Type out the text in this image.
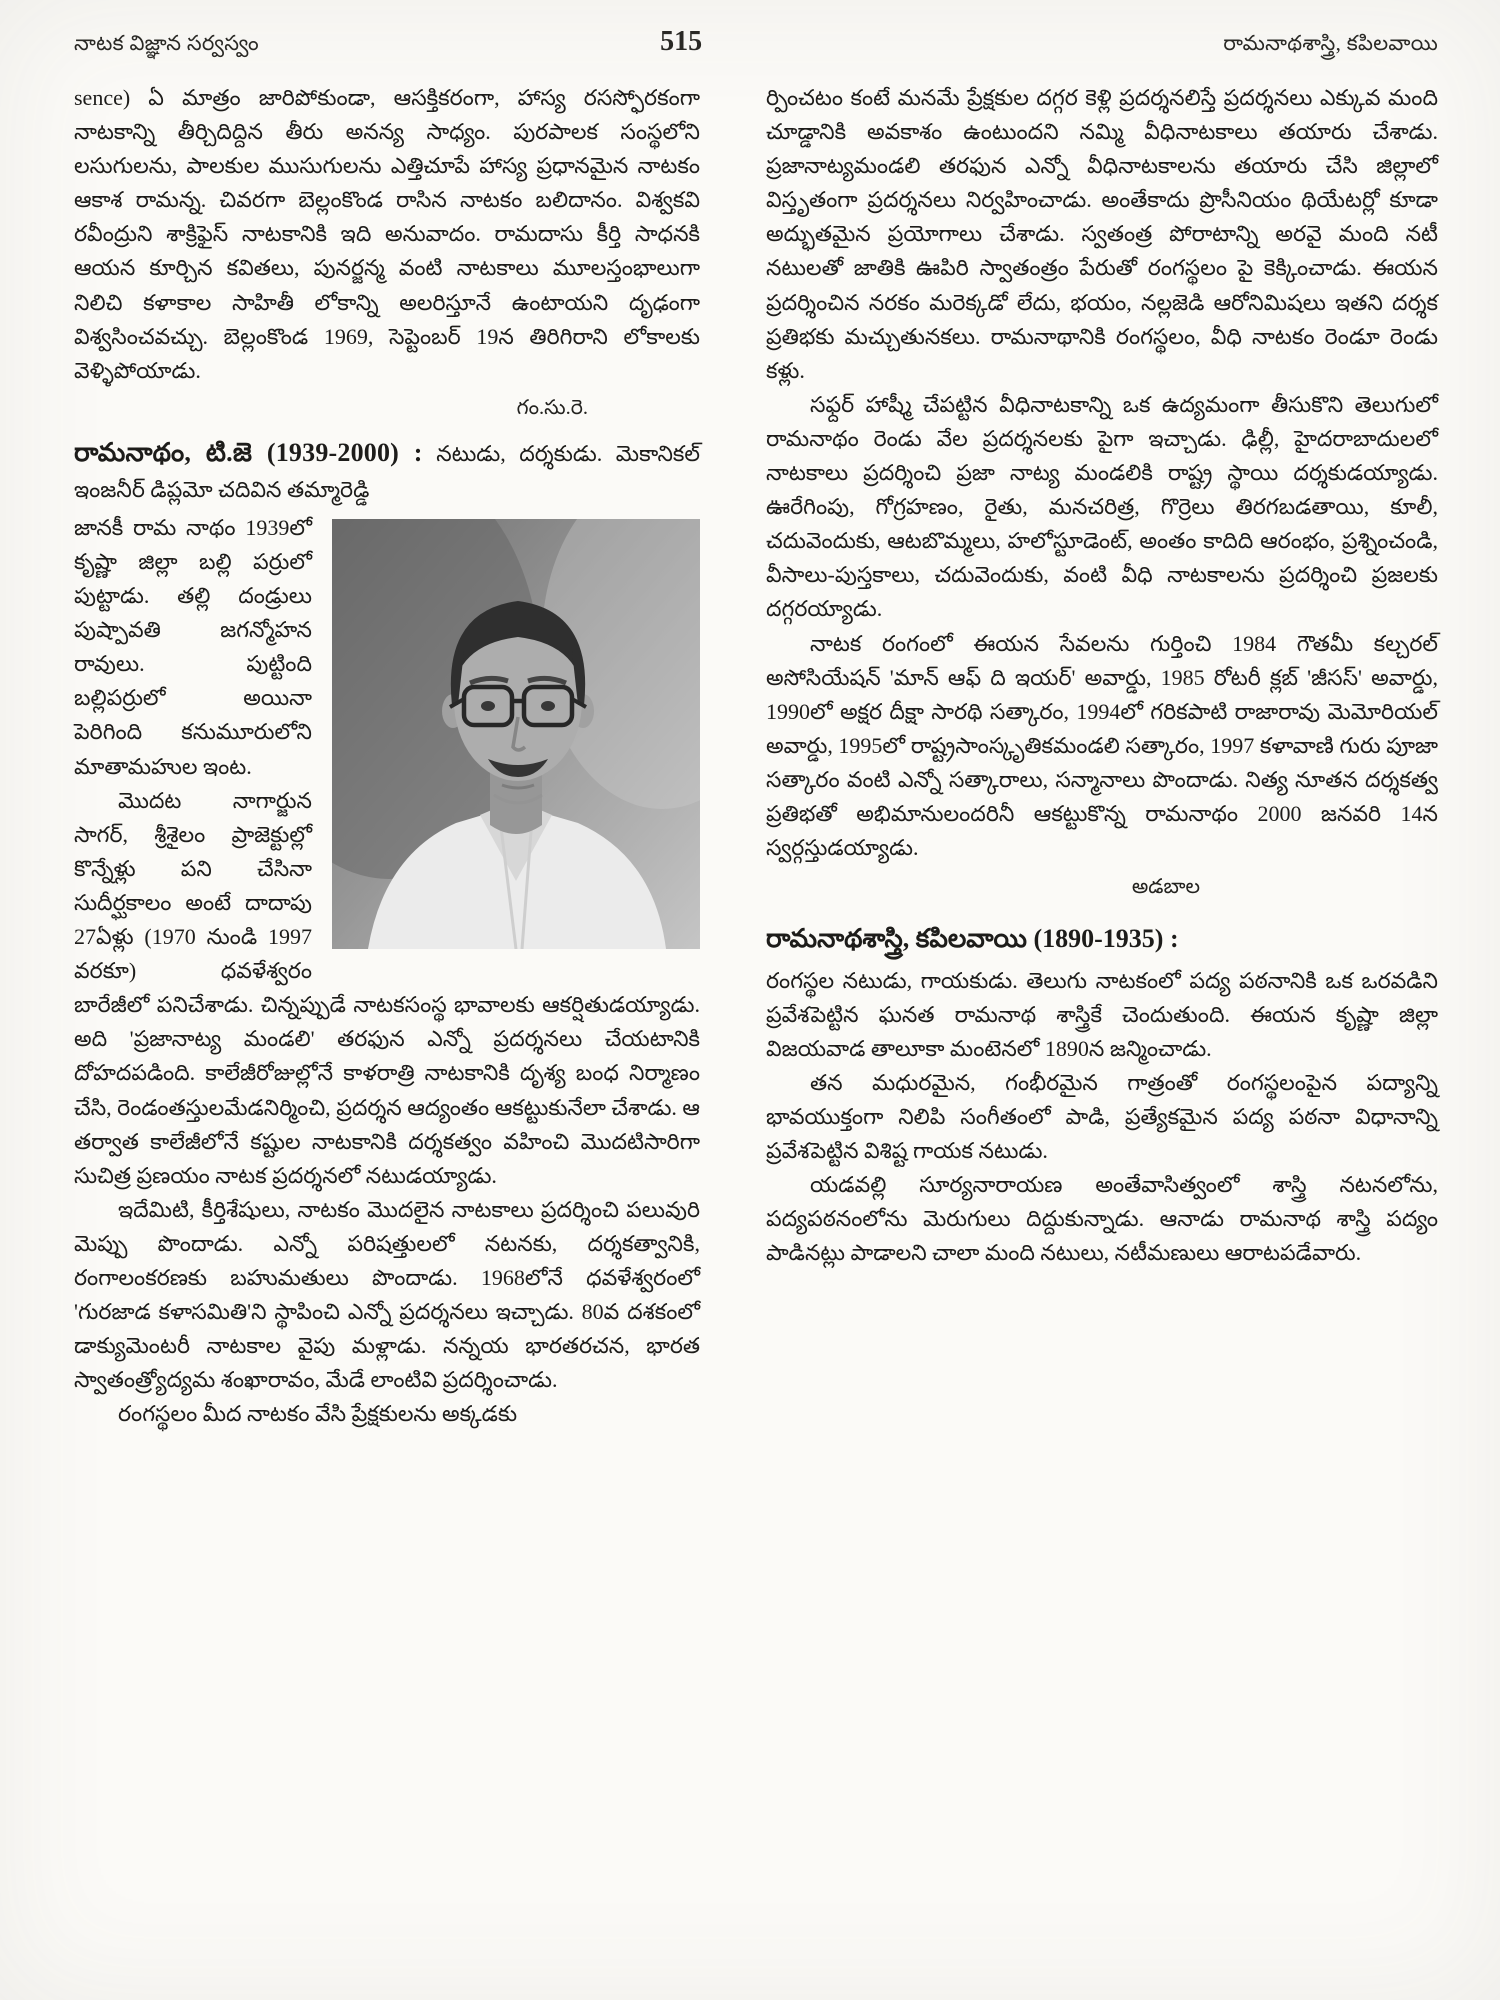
నాటక విజ్ఞాన సర్వస్వం	515	రామనాథశాస్త్రి, కపిలవాయి

sence) ఏ మాత్రం జారిపోకుండా, ఆసక్తికరంగా, హాస్య రసస్ఫోరకంగా నాటకాన్ని తీర్చిదిద్దిన తీరు అనన్య సాధ్యం. పురపాలక సంస్థలోని లసుగులను, పాలకుల ముసుగులను ఎత్తిచూపే హాస్య ప్రధానమైన నాటకం ఆకాశ రామన్న. చివరగా బెల్లంకొండ రాసిన నాటకం బలిదానం. విశ్వకవి రవీంద్రుని శాక్రిఫైస్ నాటకానికి ఇది అనువాదం. రామదాసు కీర్తి సాధనకి ఆయన కూర్చిన కవితలు, పునర్జన్మ వంటి నాటకాలు మూలస్తంభాలుగా నిలిచి కళాకాల సాహితీ లోకాన్ని అలరిస్తూనే ఉంటాయని దృఢంగా విశ్వసించవచ్చు. బెల్లంకొండ 1969, సెప్టెంబర్ 19న తిరిగిరాని లోకాలకు వెళ్ళిపోయాడు.

గం.సు.రె.

రామనాథం, టి.జె (1939-2000) : నటుడు, దర్శకుడు. మెకానికల్ ఇంజనీర్ డిప్లమో చదివిన తమ్మారెడ్డి

జానకీ రామ నాథం 1939లో కృష్ణా జిల్లా బల్లి పర్రులో పుట్టాడు. తల్లి దండ్రులు పుష్పావతి జగన్మోహన రావులు. పుట్టింది బల్లిపర్రులో అయినా పెరిగింది కనుమూరులోని మాతామహుల ఇంట.

మొదట నాగార్జున సాగర్, శ్రీశైలం ప్రాజెక్టుల్లో కొన్నేళ్లు పని చేసినా సుదీర్ఘకాలం అంటే దాదాపు 27ఏళ్లు (1970 నుండి 1997 వరకూ) ధవళేశ్వరం బారేజీలో పనిచేశాడు. చిన్నప్పుడే నాటకసంస్థ భావాలకు ఆకర్షితుడయ్యాడు. అది 'ప్రజానాట్య మండలి' తరఫున ఎన్నో ప్రదర్శనలు చేయటానికి దోహదపడింది. కాలేజీరోజుల్లోనే కాళరాత్రి నాటకానికి దృశ్య బంధ నిర్మాణం చేసి, రెండంతస్తులమేడనిర్మించి, ప్రదర్శన ఆద్యంతం ఆకట్టుకునేలా చేశాడు. ఆ తర్వాత కాలేజీలోనే కష్టుల నాటకానికి దర్శకత్వం వహించి మొదటిసారిగా సుచిత్ర ప్రణయం నాటక ప్రదర్శనలో నటుడయ్యాడు.

ఇదేమిటి, కీర్తిశేషులు, నాటకం మొదలైన నాటకాలు ప్రదర్శించి పలువురి మెప్పు పొందాడు. ఎన్నో పరిషత్తులలో నటనకు, దర్శకత్వానికి, రంగాలంకరణకు బహుమతులు పొందాడు. 1968లోనే ధవళేశ్వరంలో 'గురజాడ కళాసమితి'ని స్థాపించి ఎన్నో ప్రదర్శనలు ఇచ్చాడు. 80వ దశకంలో డాక్యుమెంటరీ నాటకాల వైపు మళ్లాడు. నన్నయ భారతరచన, భారత స్వాతంత్ర్యోద్యమ శంఖారావం, మేడే లాంటివి ప్రదర్శించాడు.

రంగస్థలం మీద నాటకం వేసి ప్రేక్షకులను అక్కడకు

ర్పించటం కంటే మనమే ప్రేక్షకుల దగ్గర కెళ్లి ప్రదర్శనలిస్తే ప్రదర్శనలు ఎక్కువ మంది చూడ్డానికి అవకాశం ఉంటుందని నమ్మి వీధినాటకాలు తయారు చేశాడు. ప్రజానాట్యమండలి తరఫున ఎన్నో వీధినాటకాలను తయారు చేసి జిల్లాలో విస్తృతంగా ప్రదర్శనలు నిర్వహించాడు. అంతేకాదు ప్రొసీనియం థియేటర్లో కూడా అద్భుతమైన ప్రయోగాలు చేశాడు. స్వతంత్ర పోరాటాన్ని అరవై మంది నటీ నటులతో జాతికి ఊపిరి స్వాతంత్రం పేరుతో రంగస్థలం పై కెక్కించాడు. ఈయన ప్రదర్శించిన నరకం మరెక్కడో లేదు, భయం, నల్లజెడి ఆరోనిమిషలు ఇతని దర్శక ప్రతిభకు మచ్చుతునకలు. రామనాథానికి రంగస్థలం, వీధి నాటకం రెండూ రెండు కళ్లు.

సఫ్దర్ హాష్మీ చేపట్టిన వీధినాటకాన్ని ఒక ఉద్యమంగా తీసుకొని తెలుగులో రామనాథం రెండు వేల ప్రదర్శనలకు పైగా ఇచ్చాడు. ఢిల్లీ, హైదరాబాదులలో నాటకాలు ప్రదర్శించి ప్రజా నాట్య మండలికి రాష్ట్ర స్థాయి దర్శకుడయ్యాడు. ఊరేగింపు, గోగ్రహణం, రైతు, మనచరిత్ర, గొర్రెలు తిరగబడతాయి, కూలీ, చదువెందుకు, ఆటబొమ్మలు, హలోస్టూడెంట్, అంతం కాదిది ఆరంభం, ప్రశ్నించండి, వీసాలు-పుస్తకాలు, చదువెందుకు, వంటి వీధి నాటకాలను ప్రదర్శించి ప్రజలకు దగ్గరయ్యాడు.

నాటక రంగంలో ఈయన సేవలను గుర్తించి 1984 గౌతమీ కల్చరల్ అసోసియేషన్ 'మాన్ ఆఫ్ ది ఇయర్' అవార్డు, 1985 రోటరీ క్లబ్ 'జీసస్' అవార్డు, 1990లో అక్షర దీక్షా సారథి సత్కారం, 1994లో గరికపాటి రాజారావు మెమోరియల్ అవార్డు, 1995లో రాష్ట్రసాంస్కృతికమండలి సత్కారం, 1997 కళావాణి గురు పూజా సత్కారం వంటి ఎన్నో సత్కారాలు, సన్మానాలు పొందాడు. నిత్య నూతన దర్శకత్వ ప్రతిభతో అభిమానులందరినీ ఆకట్టుకొన్న రామనాథం 2000 జనవరి 14న స్వర్గస్తుడయ్యాడు.

అడబాల
రామనాథశాస్త్రి, కపిలవాయి (1890-1935) :

రంగస్థల నటుడు, గాయకుడు. తెలుగు నాటకంలో పద్య పఠనానికి ఒక ఒరవడిని ప్రవేశపెట్టిన ఘనత రామనాథ శాస్త్రికే చెందుతుంది. ఈయన కృష్ణా జిల్లా విజయవాడ తాలూకా మంటెనలో 1890న జన్మించాడు.

తన మధురమైన, గంభీరమైన గాత్రంతో రంగస్థలంపైన పద్యాన్ని భావయుక్తంగా నిలిపి సంగీతంలో పాడి, ప్రత్యేకమైన పద్య పఠనా విధానాన్ని ప్రవేశపెట్టిన విశిష్ట గాయక నటుడు.

యడవల్లి సూర్యనారాయణ అంతేవాసిత్వంలో శాస్త్రి నటనలోను, పద్యపఠనంలోను మెరుగులు దిద్దుకున్నాడు. ఆనాడు రామనాథ శాస్త్రి పద్యం పాడినట్లు పాడాలని చాలా మంది నటులు, నటీమణులు ఆరాటపడేవారు.
